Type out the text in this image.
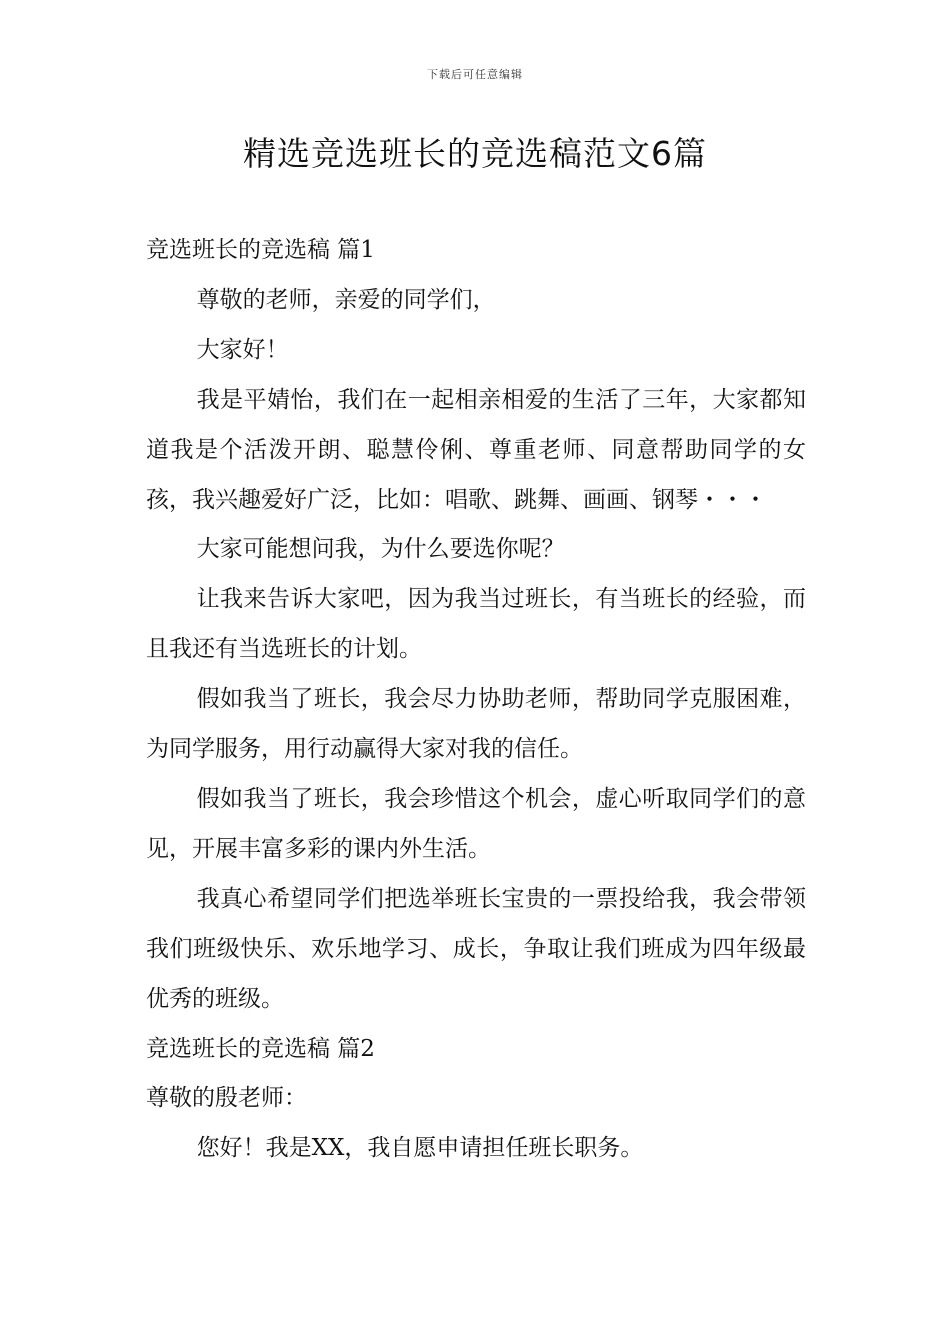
下载后可任意编辑
精选竞选班长的竞选稿范文6篇

竞选班长的竞选稿 篇1

尊敬的老师，亲爱的同学们，

大家好！

我是平婧怡，我们在一起相亲相爱的生活了三年，大家都知道我是个活泼开朗、聪慧伶俐、尊重老师、同意帮助同学的女孩，我兴趣爱好广泛，比如：唱歌、跳舞、画画、钢琴・・・

大家可能想问我，为什么要选你呢？

让我来告诉大家吧，因为我当过班长，有当班长的经验，而且我还有当选班长的计划。

假如我当了班长，我会尽力协助老师，帮助同学克服困难，为同学服务，用行动赢得大家对我的信任。

假如我当了班长，我会珍惜这个机会，虚心听取同学们的意见，开展丰富多彩的课内外生活。

我真心希望同学们把选举班长宝贵的一票投给我，我会带领我们班级快乐、欢乐地学习、成长，争取让我们班成为四年级最优秀的班级。

竞选班长的竞选稿 篇2

尊敬的殷老师：

您好！我是XX，我自愿申请担任班长职务。
